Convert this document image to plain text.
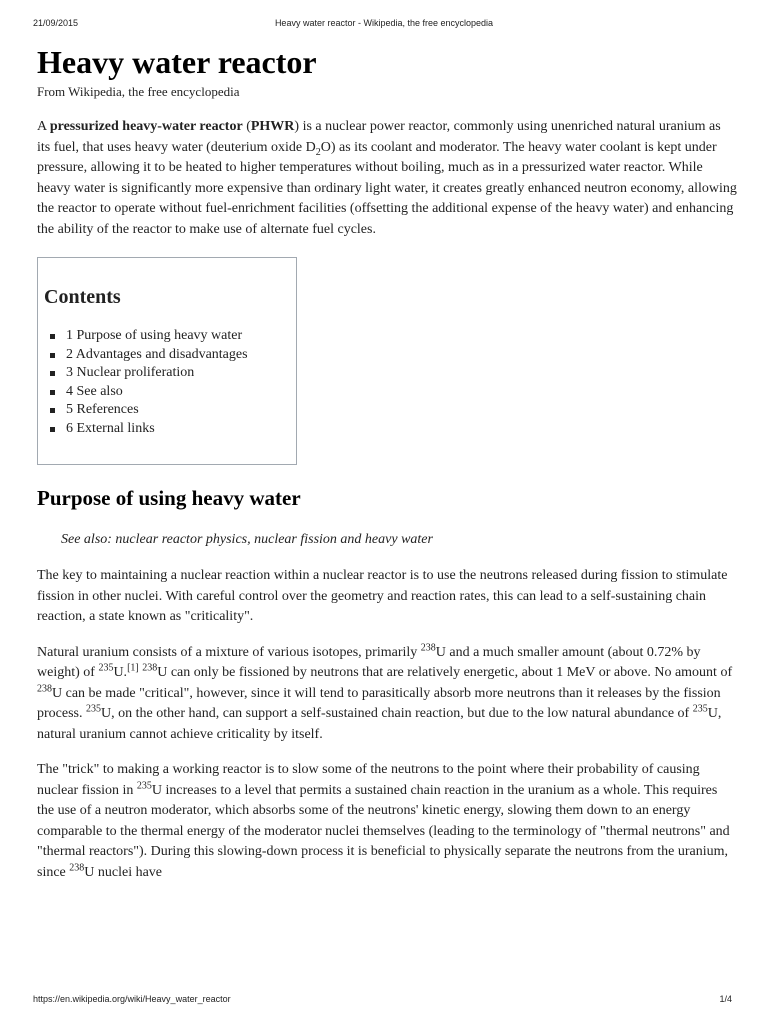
21/09/2015	Heavy water reactor - Wikipedia, the free encyclopedia
Heavy water reactor
From Wikipedia, the free encyclopedia

A pressurized heavy-water reactor (PHWR) is a nuclear power reactor, commonly using unenriched natural uranium as its fuel, that uses heavy water (deuterium oxide $D_2O$) as its coolant and moderator. The heavy water coolant is kept under pressure, allowing it to be heated to higher temperatures without boiling, much as in a pressurized water reactor. While heavy water is significantly more expensive than ordinary light water, it creates greatly enhanced neutron economy, allowing the reactor to operate without fuel-enrichment facilities (offsetting the additional expense of the heavy water) and enhancing the ability of the reactor to make use of alternate fuel cycles.

Contents
1 Purpose of using heavy water
2 Advantages and disadvantages
3 Nuclear proliferation
4 See also
5 References
6 External links
Purpose of using heavy water
See also: nuclear reactor physics, nuclear fission and heavy water

The key to maintaining a nuclear reaction within a nuclear reactor is to use the neutrons released during fission to stimulate fission in other nuclei. With careful control over the geometry and reaction rates, this can lead to a self-sustaining chain reaction, a state known as "criticality".

Natural uranium consists of a mixture of various isotopes, primarily $^{238}$U and a much smaller amount (about 0.72% by weight) of $^{235}$U.[1] $^{238}$U can only be fissioned by neutrons that are relatively energetic, about 1 MeV or above. No amount of $^{238}$U can be made "critical", however, since it will tend to parasitically absorb more neutrons than it releases by the fission process. $^{235}$U, on the other hand, can support a self-sustained chain reaction, but due to the low natural abundance of $^{235}$U, natural uranium cannot achieve criticality by itself.

The "trick" to making a working reactor is to slow some of the neutrons to the point where their probability of causing nuclear fission in $^{235}$U increases to a level that permits a sustained chain reaction in the uranium as a whole. This requires the use of a neutron moderator, which absorbs some of the neutrons' kinetic energy, slowing them down to an energy comparable to the thermal energy of the moderator nuclei themselves (leading to the terminology of "thermal neutrons" and "thermal reactors"). During this slowing-down process it is beneficial to physically separate the neutrons from the uranium, since $^{238}$U nuclei have

https://en.wikipedia.org/wiki/Heavy_water_reactor	1/4
